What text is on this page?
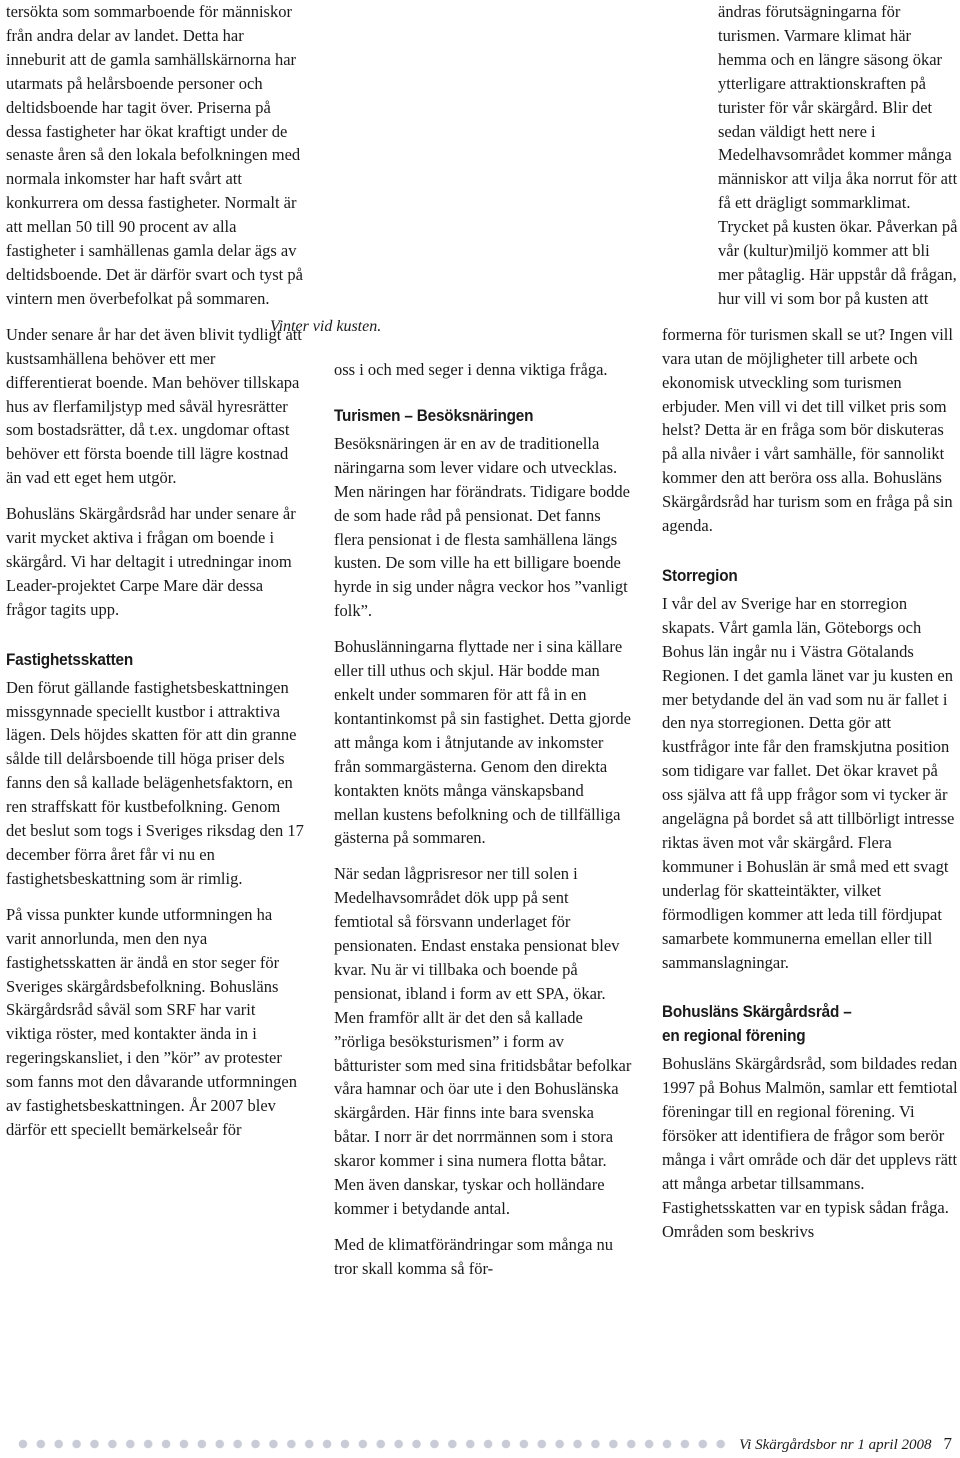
tersökta som sommarboende för människor från andra delar av landet. Detta har inneburit att de gamla samhällskärnorna har utarmats på helårsboende personer och deltidsboende har tagit över. Priserna på dessa fastigheter har ökat kraftigt under de senaste åren så den lokala befolkningen med normala inkomster har haft svårt att konkurrera om dessa fastigheter. Normalt är att mellan 50 till 90 procent av alla fastigheter i samhällenas gamla delar ägs av deltidsboende. Det är därför svart och tyst på vintern men överbefolkat på sommaren.

Under senare år har det även blivit tydligt att kustsamhällena behöver ett mer differentierat boende. Man behöver tillskapa hus av flerfamiljstyp med såväl hyresrätter som bostadsrätter, då t.ex. ungdomar oftast behöver ett första boende till lägre kostnad än vad ett eget hem utgör.

Bohusläns Skärgårdsråd har under senare år varit mycket aktiva i frågan om boende i skärgård. Vi har deltagit i utredningar inom Leader-projektet Carpe Mare där dessa frågor tagits upp.

Fastighetsskatten

Den förut gällande fastighetsbeskattningen missgynnade speciellt kustbor i attraktiva lägen. Dels höjdes skatten för att din granne sålde till delårsboende till höga priser dels fanns den så kallade belägenhetsfaktorn, en ren straffskatt för kustbefolkning. Genom det beslut som togs i Sveriges riksdag den 17 december förra året får vi nu en fastighetsbeskattning som är rimlig.

På vissa punkter kunde utformningen ha varit annorlunda, men den nya fastighetsskatten är ändå en stor seger för Sveriges skärgårdsbefolkning. Bohusläns Skärgårdsråd såväl som SRF har varit viktiga röster, med kontakter ända in i regeringskansliet, i den ”kör” av protester som fanns mot den dåvarande utformningen av fastighetsbeskattningen. År 2007 blev därför ett speciellt bemärkelseår för

Vinter vid kusten.

oss i och med seger i denna viktiga fråga.

Turismen – Besöksnäringen

Besöksnäringen är en av de traditionella näringarna som lever vidare och utvecklas. Men näringen har förändrats. Tidigare bodde de som hade råd på pensionat. Det fanns flera pensionat i de flesta samhällena längs kusten. De som ville ha ett billigare boende hyrde in sig under några veckor hos ”vanligt folk”.

Bohuslänningarna flyttade ner i sina källare eller till uthus och skjul. Här bodde man enkelt under sommaren för att få in en kontantinkomst på sin fastighet. Detta gjorde att många kom i åtnjutande av inkomster från sommargästerna. Genom den direkta kontakten knöts många vänskapsband mellan kustens befolkning och de tillfälliga gästerna på sommaren.

När sedan lågprisresor ner till solen i Medelhavsområdet dök upp på sent femtiotal så försvann underlaget för pensionaten. Endast enstaka pensionat blev kvar. Nu är vi tillbaka och boende på pensionat, ibland i form av ett SPA, ökar. Men framför allt är det den så kallade ”rörliga besöksturismen” i form av båtturister som med sina fritidsbåtar befolkar våra hamnar och öar ute i den Bohuslänska skärgården. Här finns inte bara svenska båtar. I norr är det norrmännen som i stora skaror kommer i sina numera flotta båtar. Men även danskar, tyskar och holländare kommer i betydande antal.

Med de klimatförändringar som många nu tror skall komma så för-

ändras förutsägningarna för turismen. Varmare klimat här hemma och en längre säsong ökar ytterligare attraktionskraften på turister för vår skärgård. Blir det sedan väldigt hett nere i Medelhavsområdet kommer många människor att vilja åka norrut för att få ett drägligt sommarklimat. Trycket på kusten ökar. Påverkan på vår (kultur)miljö kommer att bli mer påtaglig. Här uppstår då frågan, hur vill vi som bor på kusten att

formerna för turismen skall se ut? Ingen vill vara utan de möjligheter till arbete och ekonomisk utveckling som turismen erbjuder. Men vill vi det till vilket pris som helst? Detta är en fråga som bör diskuteras på alla nivåer i vårt samhälle, för sannolikt kommer den att beröra oss alla. Bohusläns Skärgårdsråd har turism som en fråga på sin agenda.

Storregion

I vår del av Sverige har en storregion skapats. Vårt gamla län, Göteborgs och Bohus län ingår nu i Västra Götalands Regionen. I det gamla länet var ju kusten en mer betydande del än vad som nu är fallet i den nya storregionen. Detta gör att kustfrågor inte får den framskjutna position som tidigare var fallet. Det ökar kravet på oss själva att få upp frågor som vi tycker är angelägna på bordet så att tillbörligt intresse riktas även mot vår skärgård. Flera kommuner i Bohuslän är små med ett svagt underlag för skatteintäkter, vilket förmodligen kommer att leda till fördjupat samarbete kommunerna emellan eller till sammanslagningar.

Bohusläns Skärgårdsråd –
en regional förening

Bohusläns Skärgårdsråd, som bildades redan 1997 på Bohus Malmön, samlar ett femtiotal föreningar till en regional förening. Vi försöker att identifiera de frågor som berör många i vårt område och där det upplevs rätt att många arbetar tillsammans. Fastighetsskatten var en typisk sådan fråga. Områden som beskrivs

Vi Skärgårdsbor nr 1 april 2008 7
